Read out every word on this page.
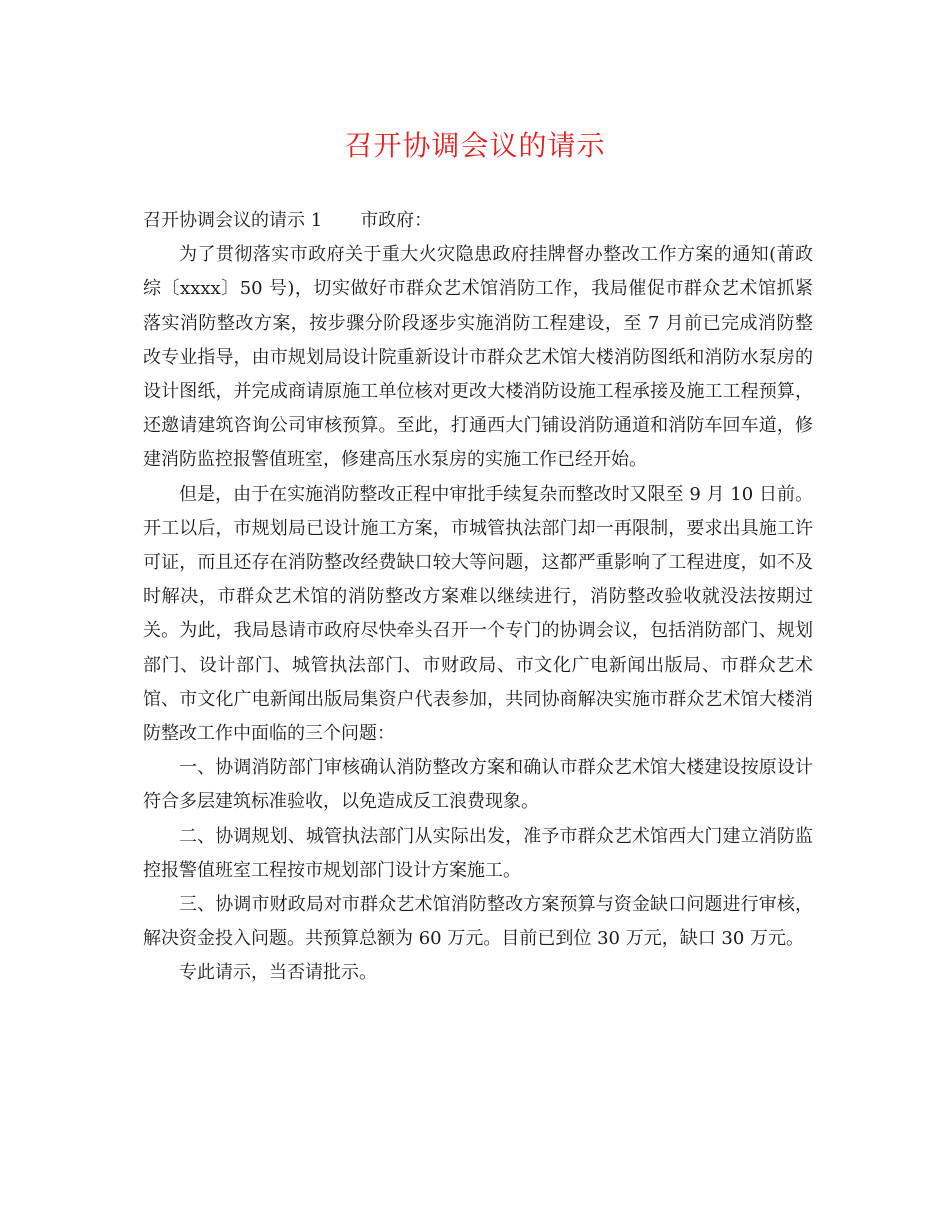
召开协调会议的请示

召开协调会议的请示 1 市政府：

为了贯彻落实市政府关于重大火灾隐患政府挂牌督办整改工作方案的通知(莆政综〔xxxx〕50 号)，切实做好市群众艺术馆消防工作，我局催促市群众艺术馆抓紧落实消防整改方案，按步骤分阶段逐步实施消防工程建设，至 7 月前已完成消防整改专业指导，由市规划局设计院重新设计市群众艺术馆大楼消防图纸和消防水泵房的设计图纸，并完成商请原施工单位核对更改大楼消防设施工程承接及施工工程预算，还邀请建筑咨询公司审核预算。至此，打通西大门铺设消防通道和消防车回车道，修建消防监控报警值班室，修建高压水泵房的实施工作已经开始。

但是，由于在实施消防整改正程中审批手续复杂而整改时又限至 9 月 10 日前。开工以后，市规划局已设计施工方案，市城管执法部门却一再限制，要求出具施工许可证，而且还存在消防整改经费缺口较大等问题，这都严重影响了工程进度，如不及时解决，市群众艺术馆的消防整改方案难以继续进行，消防整改验收就没法按期过关。为此，我局恳请市政府尽快牵头召开一个专门的协调会议，包括消防部门、规划部门、设计部门、城管执法部门、市财政局、市文化广电新闻出版局、市群众艺术馆、市文化广电新闻出版局集资户代表参加，共同协商解决实施市群众艺术馆大楼消防整改工作中面临的三个问题：

一、协调消防部门审核确认消防整改方案和确认市群众艺术馆大楼建设按原设计符合多层建筑标准验收，以免造成反工浪费现象。

二、协调规划、城管执法部门从实际出发，准予市群众艺术馆西大门建立消防监控报警值班室工程按市规划部门设计方案施工。

三、协调市财政局对市群众艺术馆消防整改方案预算与资金缺口问题进行审核，解决资金投入问题。共预算总额为 60 万元。目前已到位 30 万元，缺口 30 万元。

专此请示，当否请批示。
